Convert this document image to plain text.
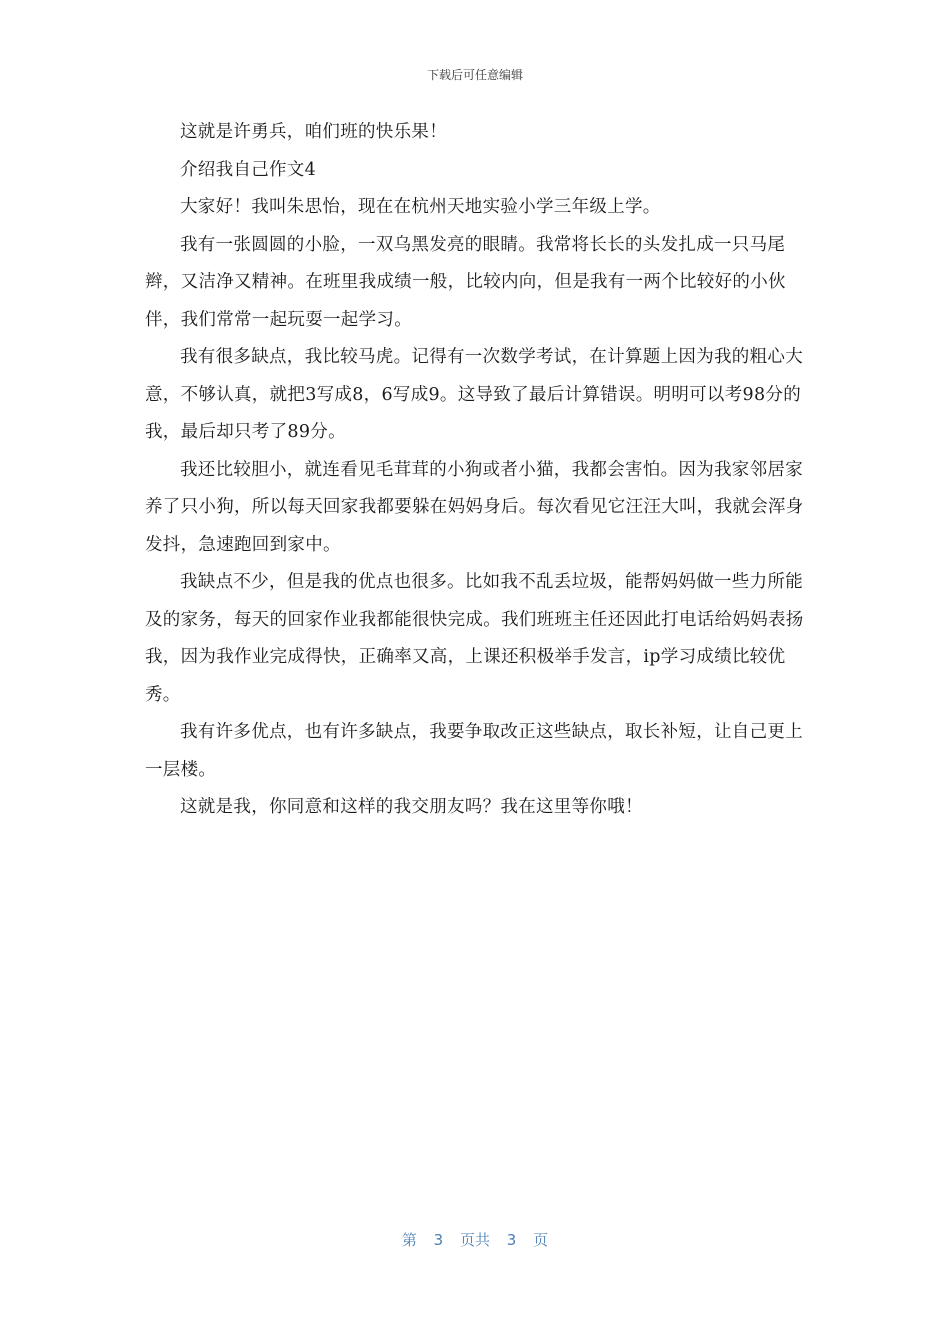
下载后可任意编辑

这就是许勇兵，咱们班的快乐果！

介绍我自己作文4

大家好！我叫朱思怡，现在在杭州天地实验小学三年级上学。

我有一张圆圆的小脸，一双乌黑发亮的眼睛。我常将长长的头发扎成一只马尾辫，又洁净又精神。在班里我成绩一般，比较内向，但是我有一两个比较好的小伙伴，我们常常一起玩耍一起学习。

我有很多缺点，我比较马虎。记得有一次数学考试，在计算题上因为我的粗心大意，不够认真，就把3写成8，6写成9。这导致了最后计算错误。明明可以考98分的我，最后却只考了89分。

我还比较胆小，就连看见毛茸茸的小狗或者小猫，我都会害怕。因为我家邻居家养了只小狗，所以每天回家我都要躲在妈妈身后。每次看见它汪汪大叫，我就会浑身发抖，急速跑回到家中。

我缺点不少，但是我的优点也很多。比如我不乱丢垃圾，能帮妈妈做一些力所能及的家务，每天的回家作业我都能很快完成。我们班班主任还因此打电话给妈妈表扬我，因为我作业完成得快，正确率又高，上课还积极举手发言，ip学习成绩比较优秀。

我有许多优点，也有许多缺点，我要争取改正这些缺点，取长补短，让自己更上一层楼。

这就是我，你同意和这样的我交朋友吗？我在这里等你哦！

第 3 页共 3 页
